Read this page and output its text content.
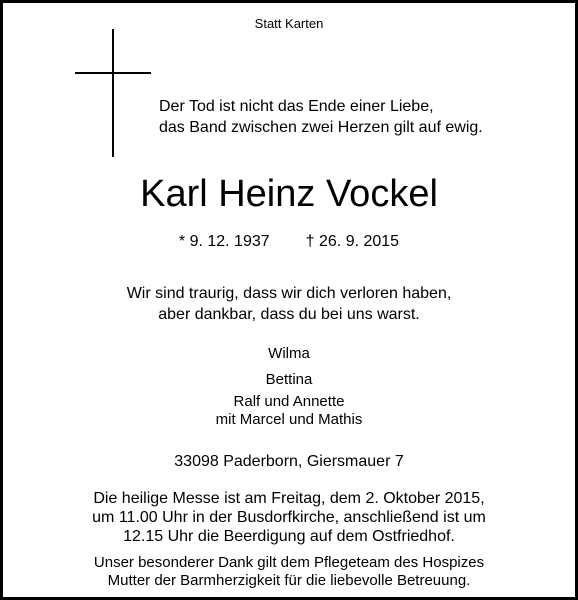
Statt Karten
Der Tod ist nicht das Ende einer Liebe,
das Band zwischen zwei Herzen gilt auf ewig.
Karl Heinz Vockel
* 9. 12. 1937 † 26. 9. 2015
Wir sind traurig, dass wir dich verloren haben,
aber dankbar, dass du bei uns warst.
Wilma
Bettina
Ralf und Annette
mit Marcel und Mathis
33098 Paderborn, Giersmauer 7
Die heilige Messe ist am Freitag, dem 2. Oktober 2015,
um 11.00 Uhr in der Busdorfkirche, anschließend ist um
12.15 Uhr die Beerdigung auf dem Ostfriedhof.
Unser besonderer Dank gilt dem Pflegeteam des Hospizes
Mutter der Barmherzigkeit für die liebevolle Betreuung.
